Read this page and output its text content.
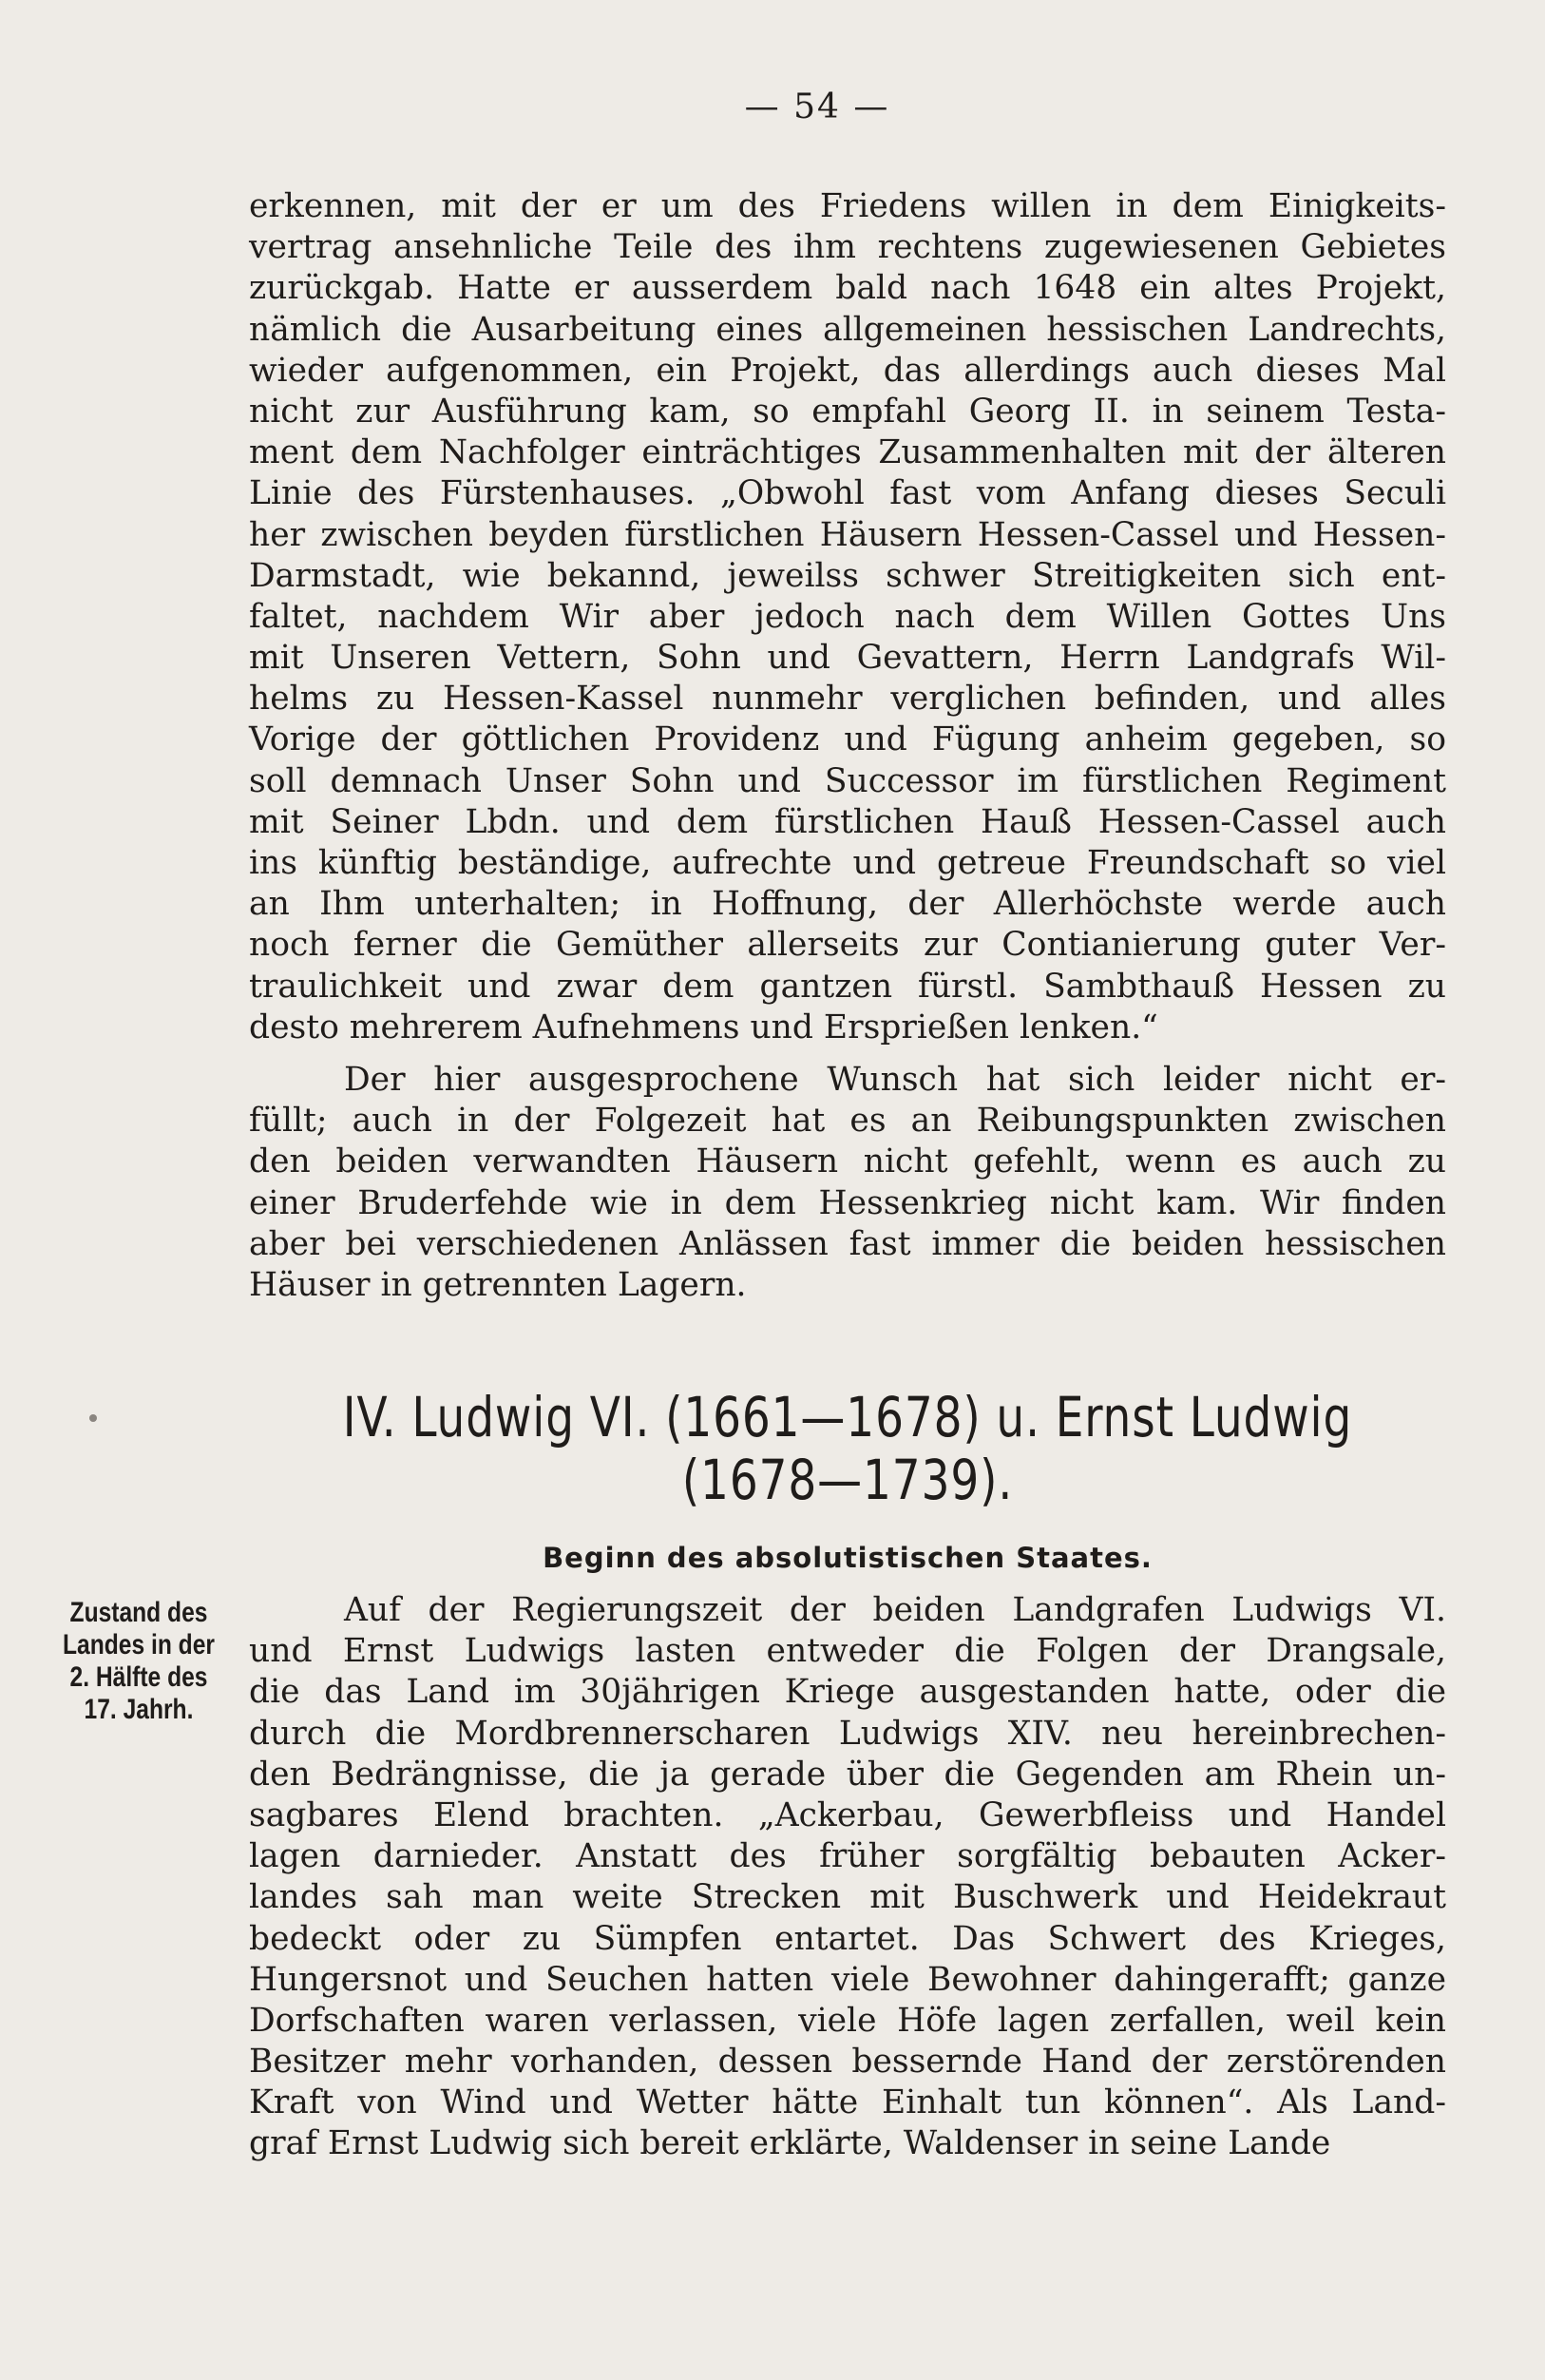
— 54 —
erkennen, mit der er um des Friedens willen in dem Einigkeits-
vertrag ansehnliche Teile des ihm rechtens zugewiesenen Gebietes
zurückgab. Hatte er ausserdem bald nach 1648 ein altes Projekt,
nämlich die Ausarbeitung eines allgemeinen hessischen Landrechts,
wieder aufgenommen, ein Projekt, das allerdings auch dieses Mal
nicht zur Ausführung kam, so empfahl Georg II. in seinem Testa-
ment dem Nachfolger einträchtiges Zusammenhalten mit der älteren
Linie des Fürstenhauses. „Obwohl fast vom Anfang dieses Seculi
her zwischen beyden fürstlichen Häusern Hessen-Cassel und Hessen-
Darmstadt, wie bekannd, jeweilss schwer Streitigkeiten sich ent-
faltet, nachdem Wir aber jedoch nach dem Willen Gottes Uns
mit Unseren Vettern, Sohn und Gevattern, Herrn Landgrafs Wil-
helms zu Hessen-Kassel nunmehr verglichen befinden, und alles
Vorige der göttlichen Providenz und Fügung anheim gegeben, so
soll demnach Unser Sohn und Successor im fürstlichen Regiment
mit Seiner Lbdn. und dem fürstlichen Hauß Hessen-Cassel auch
ins künftig beständige, aufrechte und getreue Freundschaft so viel
an Ihm unterhalten; in Hoffnung, der Allerhöchste werde auch
noch ferner die Gemüther allerseits zur Contianierung guter Ver-
traulichkeit und zwar dem gantzen fürstl. Sambthauß Hessen zu
desto mehrerem Aufnehmens und Ersprießen lenken.“
Der hier ausgesprochene Wunsch hat sich leider nicht er-
füllt; auch in der Folgezeit hat es an Reibungspunkten zwischen
den beiden verwandten Häusern nicht gefehlt, wenn es auch zu
einer Bruderfehde wie in dem Hessenkrieg nicht kam. Wir finden
aber bei verschiedenen Anlässen fast immer die beiden hessischen
Häuser in getrennten Lagern.
IV. Ludwig VI. (1661—1678) u. Ernst Ludwig
(1678—1739).
Beginn des absolutistischen Staates.
Zustand des
Landes in der
2. Hälfte des
17. Jahrh.
Auf der Regierungszeit der beiden Landgrafen Ludwigs VI.
und Ernst Ludwigs lasten entweder die Folgen der Drangsale,
die das Land im 30jährigen Kriege ausgestanden hatte, oder die
durch die Mordbrennerscharen Ludwigs XIV. neu hereinbrechen-
den Bedrängnisse, die ja gerade über die Gegenden am Rhein un-
sagbares Elend brachten. „Ackerbau, Gewerbfleiss und Handel
lagen darnieder. Anstatt des früher sorgfältig bebauten Acker-
landes sah man weite Strecken mit Buschwerk und Heidekraut
bedeckt oder zu Sümpfen entartet. Das Schwert des Krieges,
Hungersnot und Seuchen hatten viele Bewohner dahingerafft; ganze
Dorfschaften waren verlassen, viele Höfe lagen zerfallen, weil kein
Besitzer mehr vorhanden, dessen bessernde Hand der zerstörenden
Kraft von Wind und Wetter hätte Einhalt tun können“. Als Land-
graf Ernst Ludwig sich bereit erklärte, Waldenser in seine Lande
